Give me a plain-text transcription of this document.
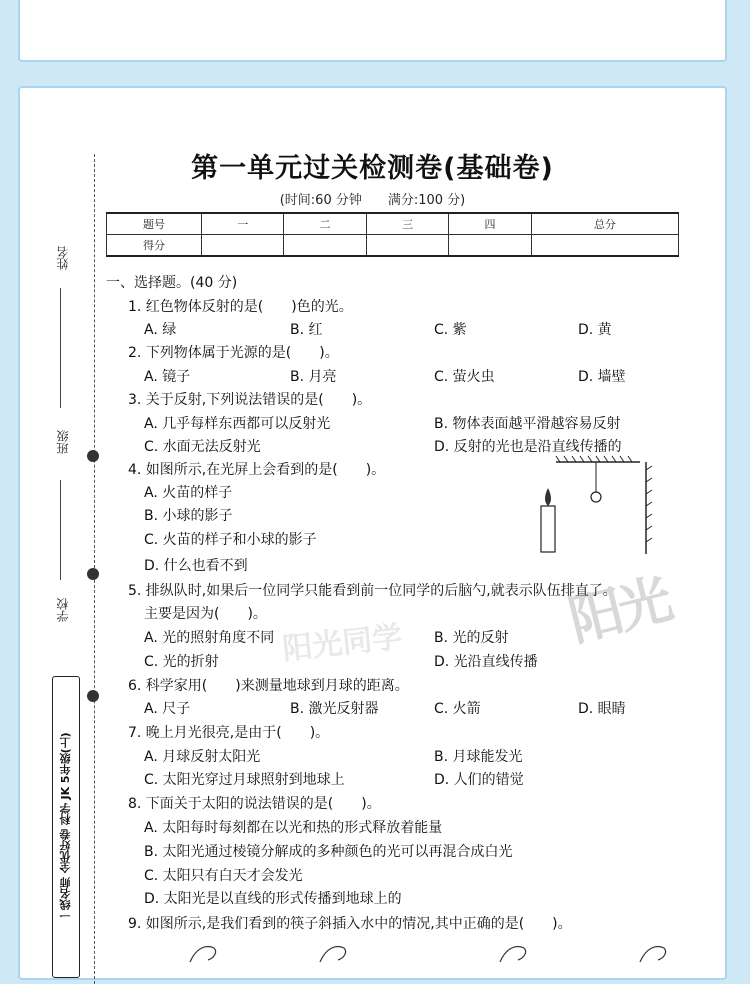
姓名
班级
学校
一线名师 全优好卷 科学 JK 5年级(上)
阳光同学	阳光
第一单元过关检测卷(基础卷)
(时间:60 分钟　　满分:100 分)
题号	一	二	三	四	总分
得分					
一、选择题。(40 分)
1. 红色物体反射的是(　　)色的光。
A. 绿	B. 红	C. 紫	D. 黄
2. 下列物体属于光源的是(　　)。
A. 镜子	B. 月亮	C. 萤火虫	D. 墙壁
3. 关于反射,下列说法错误的是(　　)。
A. 几乎每样东西都可以反射光	B. 物体表面越平滑越容易反射
C. 水面无法反射光	D. 反射的光也是沿直线传播的
4. 如图所示,在光屏上会看到的是(　　)。
A. 火苗的样子
B. 小球的影子
C. 火苗的样子和小球的影子
D. 什么也看不到
5. 排纵队时,如果后一位同学只能看到前一位同学的后脑勺,就表示队伍排直了。
主要是因为(　　)。
A. 光的照射角度不同	B. 光的反射
C. 光的折射	D. 光沿直线传播
6. 科学家用(　　)来测量地球到月球的距离。
A. 尺子	B. 激光反射器	C. 火箭	D. 眼睛
7. 晚上月光很亮,是由于(　　)。
A. 月球反射太阳光	B. 月球能发光
C. 太阳光穿过月球照射到地球上	D. 人们的错觉
8. 下面关于太阳的说法错误的是(　　)。
A. 太阳每时每刻都在以光和热的形式释放着能量
B. 太阳光通过棱镜分解成的多种颜色的光可以再混合成白光
C. 太阳只有白天才会发光
D. 太阳光是以直线的形式传播到地球上的
9. 如图所示,是我们看到的筷子斜插入水中的情况,其中正确的是(　　)。
